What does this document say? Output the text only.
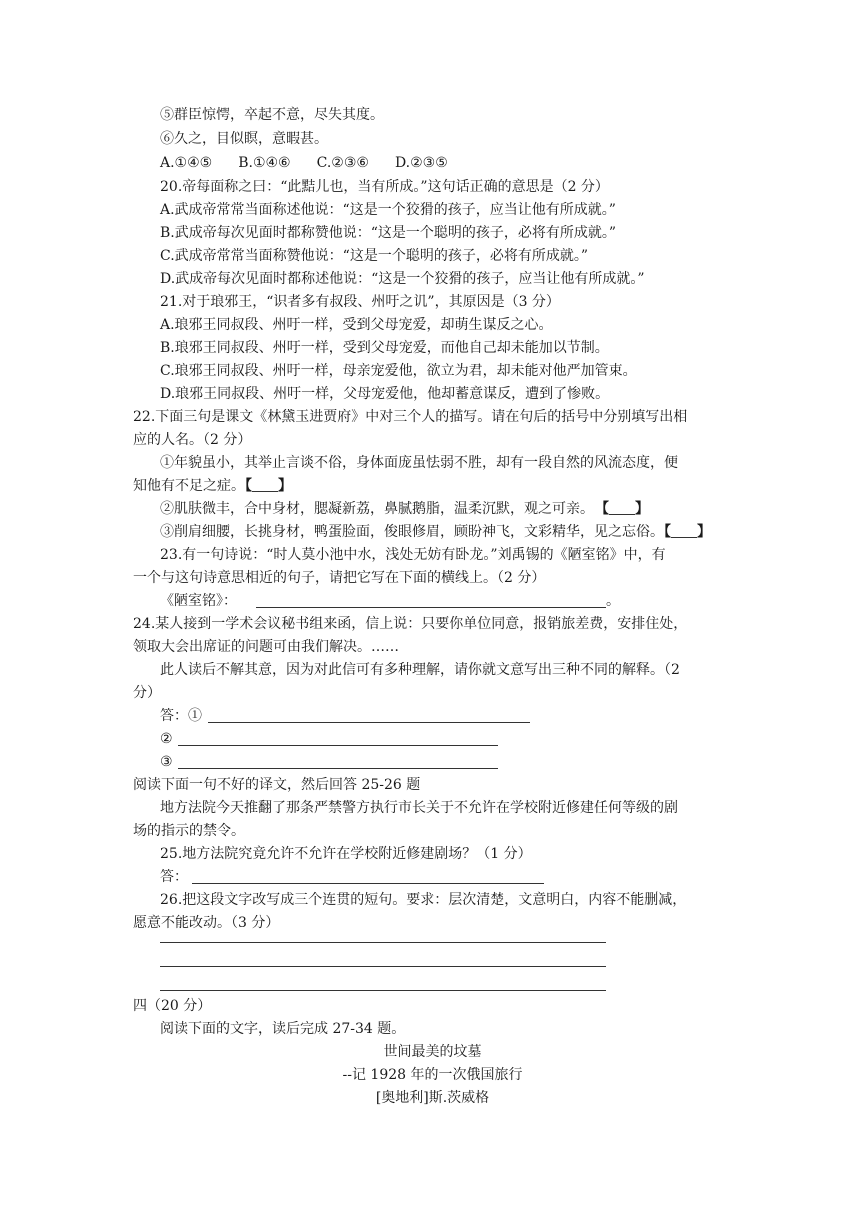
⑤群臣惊愕，卒起不意，尽失其度。
⑥久之，目似瞑，意暇甚。
A.①④⑤ B.①④⑥ C.②③⑥ D.②③⑤
20.帝每面称之曰：“此黠儿也，当有所成。”这句话正确的意思是（2 分）
A.武成帝常常当面称述他说：“这是一个狡猾的孩子，应当让他有所成就。”
B.武成帝每次见面时都称赞他说：“这是一个聪明的孩子，必将有所成就。”
C.武成帝常常当面称赞他说：“这是一个聪明的孩子，必将有所成就。”
D.武成帝每次见面时都称述他说：“这是一个狡猾的孩子，应当让他有所成就。”
21.对于琅邪王，“识者多有叔段、州吁之讥”，其原因是（3 分）
A.琅邪王同叔段、州吁一样，受到父母宠爱，却萌生谋反之心。
B.琅邪王同叔段、州吁一样，受到父母宠爱，而他自己却未能加以节制。
C.琅邪王同叔段、州吁一样，母亲宠爱他，欲立为君，却未能对他严加管束。
D.琅邪王同叔段、州吁一样，父母宠爱他，他却蓄意谋反，遭到了惨败。
22.下面三句是课文《林黛玉进贾府》中对三个人的描写。请在句后的括号中分别填写出相
应的人名。（2 分）
①年貌虽小，其举止言谈不俗，身体面庞虽怯弱不胜，却有一段自然的风流态度，便
知他有不足之症。【 】
②肌肤微丰，合中身材，腮凝新荔，鼻腻鹅脂，温柔沉默，观之可亲。 【 】
③削肩细腰，长挑身材，鸭蛋脸面，俊眼修眉，顾盼神飞，文彩精华，见之忘俗。【 】
23.有一句诗说：“时人莫小池中水，浅处无妨有卧龙。”刘禹锡的《陋室铭》中，有
一个与这句诗意思相近的句子，请把它写在下面的横线上。（2 分）
《陋室铭》：	。
24.某人接到一学术会议秘书组来函，信上说：只要你单位同意，报销旅差费，安排住处，
领取大会出席证的问题可由我们解决。……
此人读后不解其意，因为对此信可有多种理解，请你就文意写出三种不同的解释。（2
分）
答：①
②
③
阅读下面一句不好的译文，然后回答 25-26 题
地方法院今天推翻了那条严禁警方执行市长关于不允许在学校附近修建任何等级的剧
场的指示的禁令。
25.地方法院究竟允许不允许在学校附近修建剧场？（1 分）
答：
26.把这段文字改写成三个连贯的短句。要求：层次清楚，文意明白，内容不能删减，
愿意不能改动。（3 分）
四（20 分）
阅读下面的文字，读后完成 27-34 题。
世间最美的坟墓
--记 1928 年的一次俄国旅行
[奥地利]斯.茨威格
